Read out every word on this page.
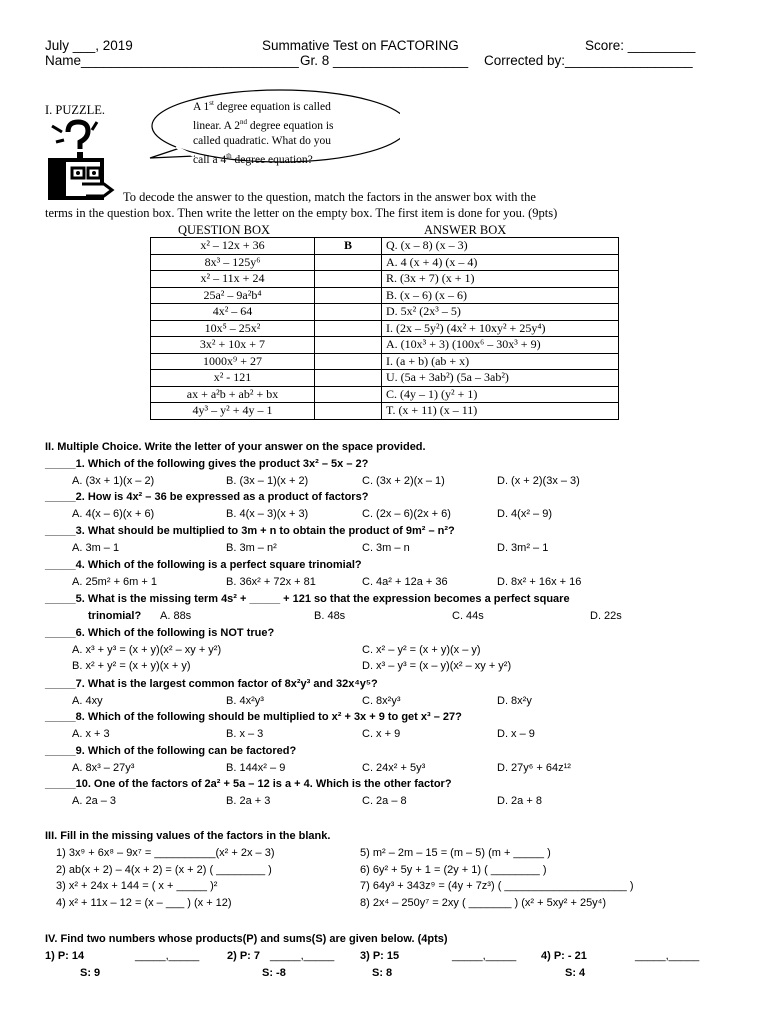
July ___, 2019	Summative Test on FACTORING	Score: _________
Name_____________________________ Gr. 8 __________________ Corrected by:_________________
I. PUZZLE.	A 1st degree equation is called
linear. A 2nd degree equation is
called quadratic. What do you
call a 4th degree equation?
To decode the answer to the question, match the factors in the answer box with the
terms in the question box. Then write the letter on the empty box. The first item is done for you. (9pts)
QUESTION BOX	ANSWER BOX
x² – 12x + 36	B	Q. (x – 8) (x – 3)
8x³ – 125y⁶		A. 4 (x + 4) (x – 4)
x² – 11x + 24		R. (3x + 7) (x + 1)
25a² – 9a²b⁴		B. (x – 6) (x – 6)
4x² – 64		D. 5x² (2x³ – 5)
10x⁵ – 25x²		I. (2x – 5y²) (4x² + 10xy² + 25y⁴)
3x² + 10x + 7		A. (10x³ + 3) (100x⁶ – 30x³ + 9)
1000x⁹ + 27		I. (a + b) (ab + x)
x² - 121		U. (5a + 3ab²) (5a – 3ab²)
ax + a²b + ab² + bx		C. (4y – 1) (y² + 1)
4y³ – y² + 4y – 1		T. (x + 11) (x – 11)
II. Multiple Choice. Write the letter of your answer on the space provided.
_____1. Which of the following gives the product 3x² – 5x – 2?
A. (3x + 1)(x – 2)	B. (3x – 1)(x + 2)	C. (3x + 2)(x – 1)	D. (x + 2)(3x – 3)
_____2. How is 4x² – 36 be expressed as a product of factors?
A. 4(x – 6)(x + 6)	B. 4(x – 3)(x + 3)	C. (2x – 6)(2x + 6)	D. 4(x² – 9)
_____3. What should be multiplied to 3m + n to obtain the product of 9m² – n²?
A. 3m – 1	B. 3m – n²	C. 3m – n	D. 3m² – 1
_____4. Which of the following is a perfect square trinomial?
A. 25m² + 6m + 1	B. 36x² + 72x + 81	C. 4a² + 12a + 36	D. 8x² + 16x + 16
_____5. What is the missing term 4s² + _____ + 121 so that the expression becomes a perfect square
trinomial? A. 88s	B. 48s	C. 44s	D. 22s
_____6. Which of the following is NOT true?
A. x³ + y³ = (x + y)(x² – xy + y²)	C. x² – y² = (x + y)(x – y)
B. x² + y² = (x + y)(x + y)	D. x³ – y³ = (x – y)(x² – xy + y²)
_____7. What is the largest common factor of 8x²y³ and 32x⁴y⁵?
A. 4xy	B. 4x²y³	C. 8x²y³	D. 8x²y
_____8. Which of the following should be multiplied to x² + 3x + 9 to get x³ – 27?
A. x + 3	B. x – 3	C. x + 9	D. x – 9
_____9. Which of the following can be factored?
A. 8x³ – 27y³	B. 144x² – 9	C. 24x² + 5y³	D. 27y⁶ + 64z¹²
_____10. One of the factors of 2a² + 5a – 12 is a + 4. Which is the other factor?
A. 2a – 3	B. 2a + 3	C. 2a – 8	D. 2a + 8
III. Fill in the missing values of the factors in the blank.
1) 3x⁹ + 6x⁸ – 9x⁷ = __________(x² + 2x – 3)
2) ab(x + 2) – 4(x + 2) = (x + 2) ( ________ )
3) x² + 24x + 144 = ( x + _____ )²
4) x² + 11x – 12 = (x – ___ ) (x + 12)
5) m² – 2m – 15 = (m – 5) (m + _____ )
6) 6y² + 5y + 1 = (2y + 1) ( ________ )
7) 64y³ + 343z⁹ = (4y + 7z³) ( ____________________ )
8) 2x⁴ – 250y⁷ = 2xy ( _______ ) (x² + 5xy² + 25y⁴)
IV. Find two numbers whose products(P) and sums(S) are given below. (4pts)
1) P: 14	_____,_____
S: 9
2) P: 7 _____,_____
S: -8
3) P: 15	_____,_____
S: 8
4) P: - 21	_____,_____
S: 4
